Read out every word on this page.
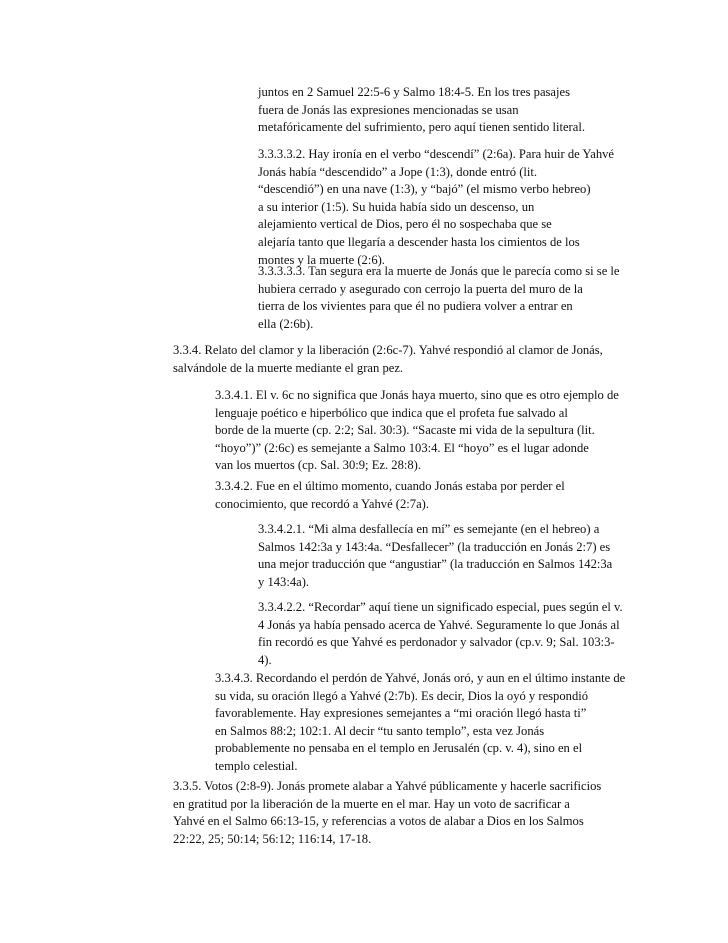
juntos en 2 Samuel 22:5-6 y Salmo 18:4-5. En los tres pasajes
fuera de Jonás las expresiones mencionadas se usan
metafóricamente del sufrimiento, pero aquí tienen sentido literal.
3.3.3.3.2. Hay ironía en el verbo “descendí” (2:6a). Para huir de Yahvé
Jonás había “descendido” a Jope (1:3), donde entró (lit.
“descendió”) en una nave (1:3), y “bajó” (el mismo verbo hebreo)
a su interior (1:5). Su huida había sido un descenso, un
alejamiento vertical de Dios, pero él no sospechaba que se
alejaría tanto que llegaría a descender hasta los cimientos de los
montes y la muerte (2:6).
3.3.3.3.3. Tan segura era la muerte de Jonás que le parecía como si se le
hubiera cerrado y asegurado con cerrojo la puerta del muro de la
tierra de los vivientes para que él no pudiera volver a entrar en
ella (2:6b).
3.3.4. Relato del clamor y la liberación (2:6c-7). Yahvé respondió al clamor de Jonás,
salvándole de la muerte mediante el gran pez.
3.3.4.1. El v. 6c no significa que Jonás haya muerto, sino que es otro ejemplo de
lenguaje poético e hiperbólico que indica que el profeta fue salvado al
borde de la muerte (cp. 2:2; Sal. 30:3). “Sacaste mi vida de la sepultura (lit.
“hoyo”)” (2:6c) es semejante a Salmo 103:4. El “hoyo” es el lugar adonde
van los muertos (cp. Sal. 30:9; Ez. 28:8).
3.3.4.2. Fue en el último momento, cuando Jonás estaba por perder el
conocimiento, que recordó a Yahvé (2:7a).
3.3.4.2.1. “Mi alma desfallecía en mí” es semejante (en el hebreo) a
Salmos 142:3a y 143:4a. “Desfallecer” (la traducción en Jonás 2:7) es
una mejor traducción que “angustiar” (la traducción en Salmos 142:3a
y 143:4a).
3.3.4.2.2. “Recordar” aquí tiene un significado especial, pues según el v.
4 Jonás ya había pensado acerca de Yahvé. Seguramente lo que Jonás al
fin recordó es que Yahvé es perdonador y salvador (cp.v. 9; Sal. 103:3-
4).
3.3.4.3. Recordando el perdón de Yahvé, Jonás oró, y aun en el último instante de
su vida, su oración llegó a Yahvé (2:7b). Es decir, Dios la oyó y respondió
favorablemente. Hay expresiones semejantes a “mi oración llegó hasta ti”
en Salmos 88:2; 102:1. Al decir “tu santo templo”, esta vez Jonás
probablemente no pensaba en el templo en Jerusalén (cp. v. 4), sino en el
templo celestial.
3.3.5. Votos (2:8-9). Jonás promete alabar a Yahvé públicamente y hacerle sacrificios
en gratitud por la liberación de la muerte en el mar. Hay un voto de sacrificar a
Yahvé en el Salmo 66:13-15, y referencias a votos de alabar a Dios en los Salmos
22:22, 25; 50:14; 56:12; 116:14, 17-18.
